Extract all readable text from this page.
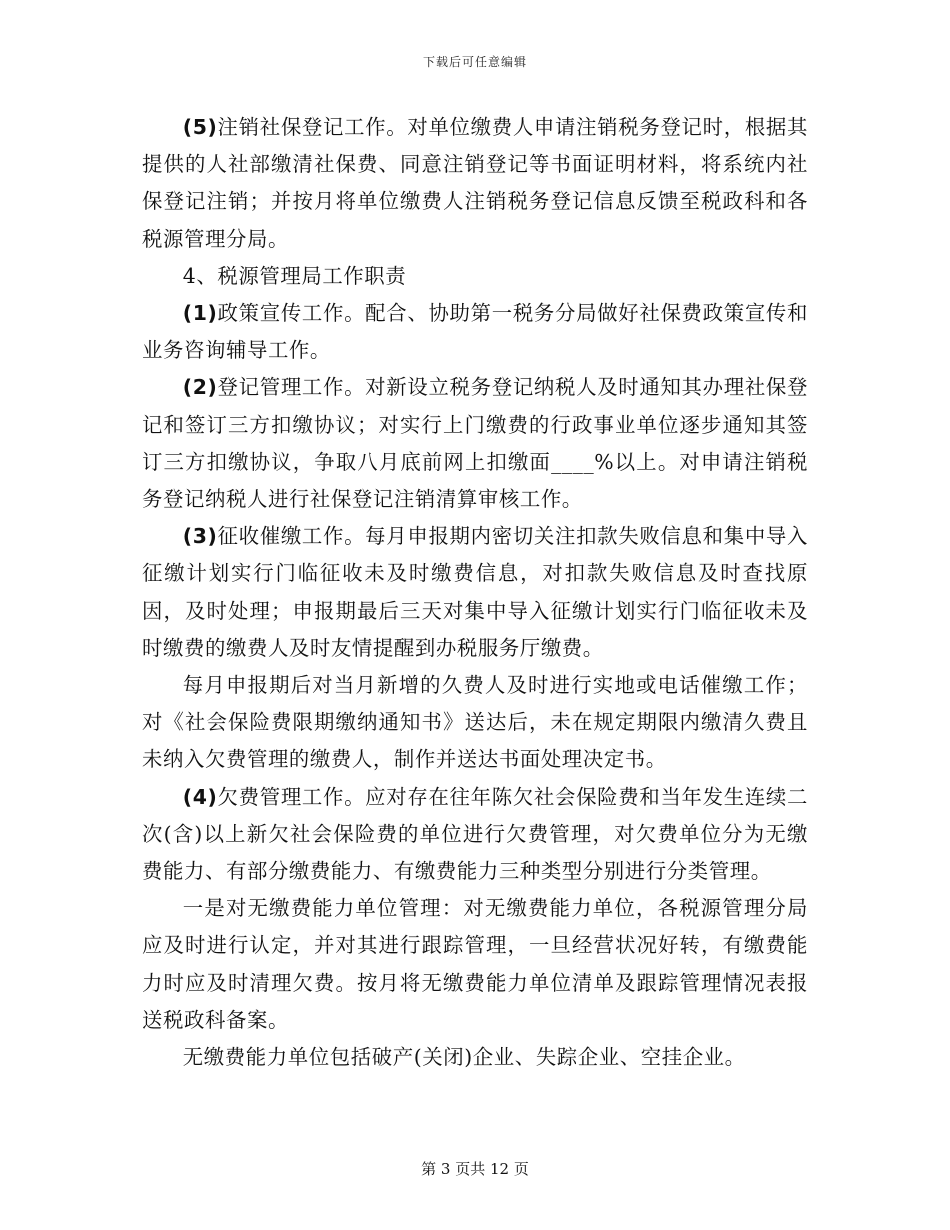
下载后可任意编辑

(5)注销社保登记工作。对单位缴费人申请注销税务登记时，根据其提供的人社部缴清社保费、同意注销登记等书面证明材料，将系统内社保登记注销；并按月将单位缴费人注销税务登记信息反馈至税政科和各税源管理分局。

4、税源管理局工作职责

(1)政策宣传工作。配合、协助第一税务分局做好社保费政策宣传和业务咨询辅导工作。

(2)登记管理工作。对新设立税务登记纳税人及时通知其办理社保登记和签订三方扣缴协议；对实行上门缴费的行政事业单位逐步通知其签订三方扣缴协议，争取八月底前网上扣缴面____%以上。对申请注销税务登记纳税人进行社保登记注销清算审核工作。

(3)征收催缴工作。每月申报期内密切关注扣款失败信息和集中导入征缴计划实行门临征收未及时缴费信息，对扣款失败信息及时查找原因，及时处理；申报期最后三天对集中导入征缴计划实行门临征收未及时缴费的缴费人及时友情提醒到办税服务厅缴费。

每月申报期后对当月新增的久费人及时进行实地或电话催缴工作；对《社会保险费限期缴纳通知书》送达后，未在规定期限内缴清久费且未纳入欠费管理的缴费人，制作并送达书面处理决定书。

(4)欠费管理工作。应对存在往年陈欠社会保险费和当年发生连续二次(含)以上新欠社会保险费的单位进行欠费管理，对欠费单位分为无缴费能力、有部分缴费能力、有缴费能力三种类型分别进行分类管理。

一是对无缴费能力单位管理：对无缴费能力单位，各税源管理分局应及时进行认定，并对其进行跟踪管理，一旦经营状况好转，有缴费能力时应及时清理欠费。按月将无缴费能力单位清单及跟踪管理情况表报送税政科备案。

无缴费能力单位包括破产(关闭)企业、失踪企业、空挂企业。

第 3 页共 12 页
